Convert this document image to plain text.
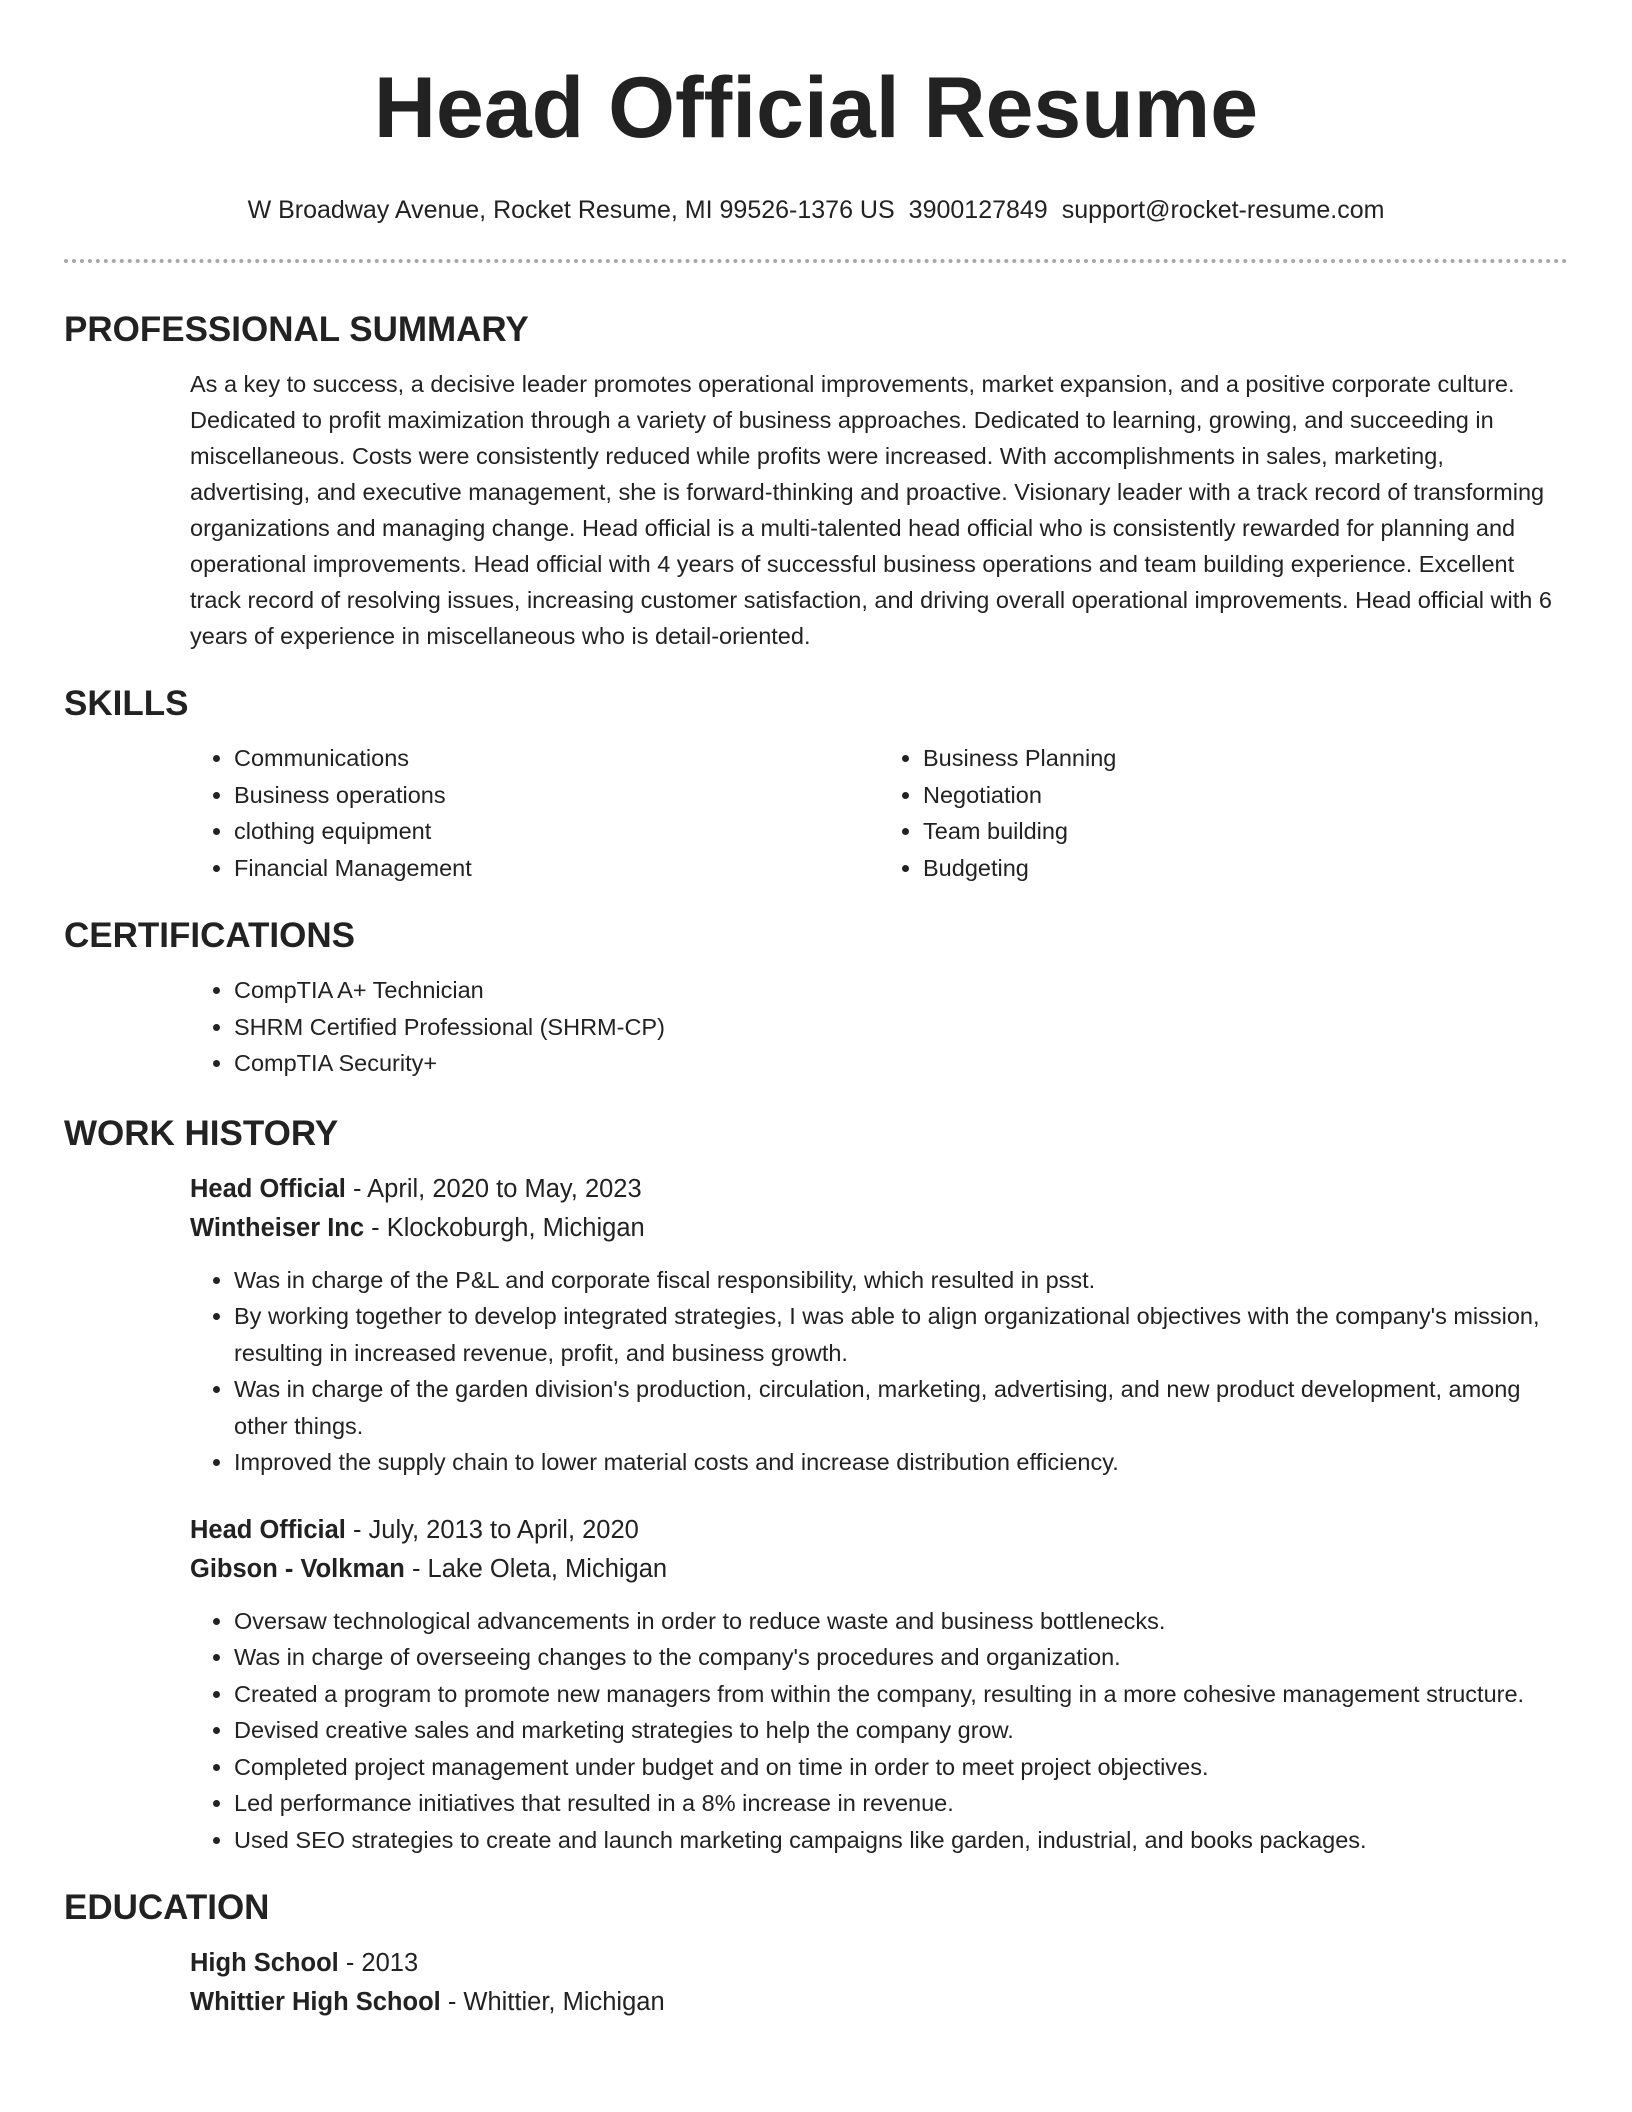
Head Official Resume
W Broadway Avenue, Rocket Resume, MI 99526-1376 US 3900127849 support@rocket-resume.com
PROFESSIONAL SUMMARY

As a key to success, a decisive leader promotes operational improvements, market expansion, and a positive corporate culture. Dedicated to profit maximization through a variety of business approaches. Dedicated to learning, growing, and succeeding in miscellaneous. Costs were consistently reduced while profits were increased. With accomplishments in sales, marketing, advertising, and executive management, she is forward-thinking and proactive. Visionary leader with a track record of transforming organizations and managing change. Head official is a multi-talented head official who is consistently rewarded for planning and operational improvements. Head official with 4 years of successful business operations and team building experience. Excellent track record of resolving issues, increasing customer satisfaction, and driving overall operational improvements. Head official with 6 years of experience in miscellaneous who is detail-oriented.

SKILLS
• Communications
• Business operations
• clothing equipment
• Financial Management
• Business Planning
• Negotiation
• Team building
• Budgeting
CERTIFICATIONS
• CompTIA A+ Technician
• SHRM Certified Professional (SHRM-CP)
• CompTIA Security+
WORK HISTORY
Head Official - April, 2020 to May, 2023
Wintheiser Inc - Klockoburgh, Michigan
• Was in charge of the P&L and corporate fiscal responsibility, which resulted in psst.
• By working together to develop integrated strategies, I was able to align organizational objectives with the company's mission, resulting in increased revenue, profit, and business growth.
• Was in charge of the garden division's production, circulation, marketing, advertising, and new product development, among other things.
• Improved the supply chain to lower material costs and increase distribution efficiency.
Head Official - July, 2013 to April, 2020
Gibson - Volkman - Lake Oleta, Michigan
• Oversaw technological advancements in order to reduce waste and business bottlenecks.
• Was in charge of overseeing changes to the company's procedures and organization.
• Created a program to promote new managers from within the company, resulting in a more cohesive management structure.
• Devised creative sales and marketing strategies to help the company grow.
• Completed project management under budget and on time in order to meet project objectives.
• Led performance initiatives that resulted in a 8% increase in revenue.
• Used SEO strategies to create and launch marketing campaigns like garden, industrial, and books packages.
EDUCATION
High School - 2013
Whittier High School - Whittier, Michigan
